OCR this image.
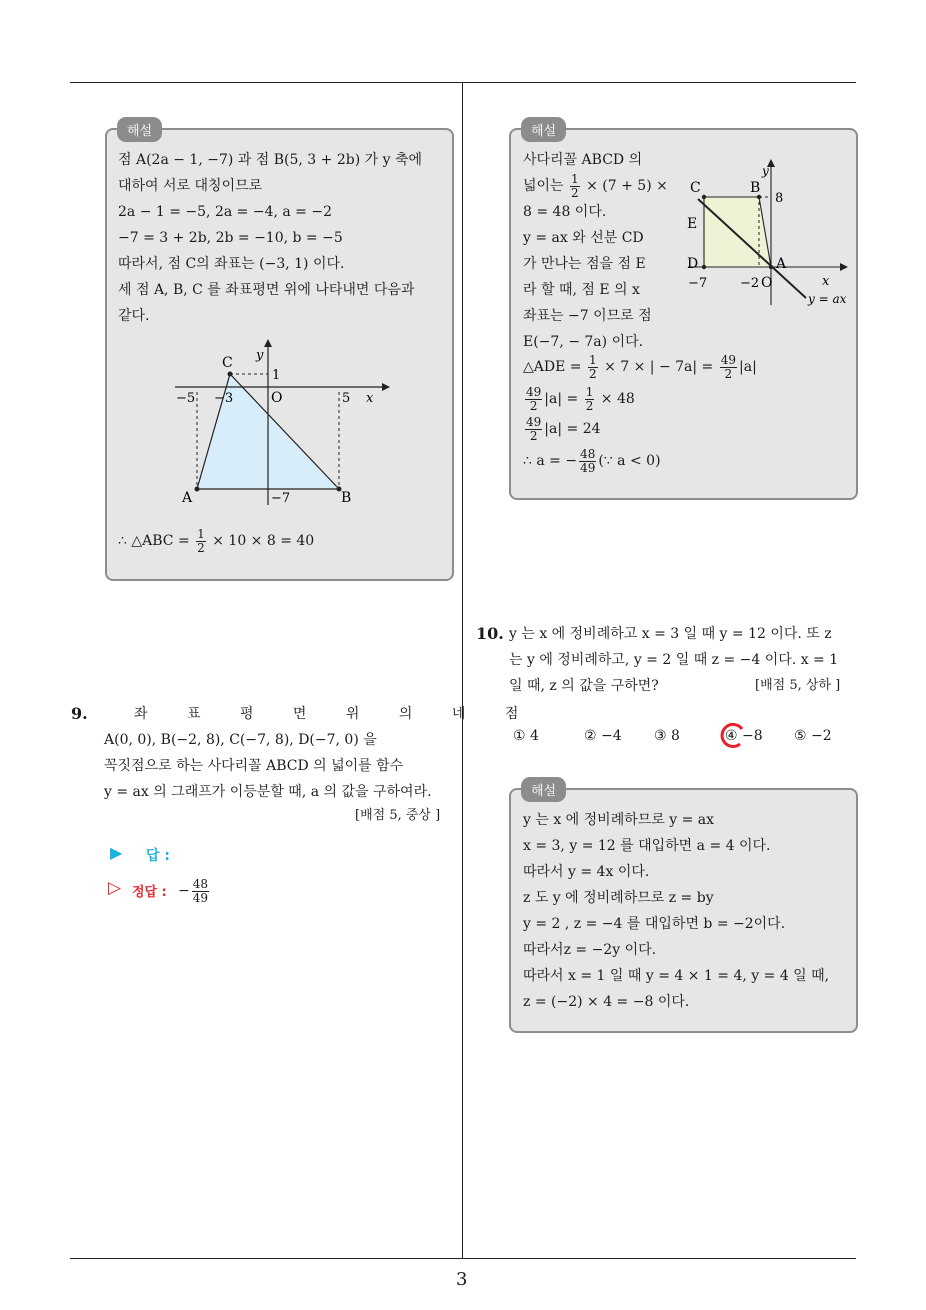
해설
점 A(2a − 1, −7) 과 점 B(5, 3 + 2b) 가 y 축에
대하여 서로 대칭이므로
2a − 1 = −5, 2a = −4, a = −2
−7 = 3 + 2b, 2b = −10, b = −5
따라서, 점 C의 좌표는 (−3, 1) 이다.
세 점 A, B, C 를 좌표평면 위에 나타내면 다음과
같다.
C y
1
−5 −3	O	5 x
A	−7	B
∴ △ABC = $\frac{1}{2} \times 10 \times 8 = 40$
9.	좌 표 평 면 위 의 네 점
A(0, 0), B(−2, 8), C(−7, 8), D(−7, 0) 을
꼭짓점으로 하는 사다리꼴 ABCD 의 넓이를 함수
y = ax 의 그래프가 이등분할 때, a 의 값을 구하여라.
[배점 5, 중상 ]
▶ 답 :
▷ 정답 : − $\frac{48}{49}$
해설
사다리꼴 ABCD 의
넓이는 $\frac{1}{2} \times (7 + 5)$ ×
8 = 48 이다.
y = ax 와 선분 CD
가 만나는 점을 점 E
라 할 때, 점 E 의 x
좌표는 −7 이므로 점
E(−7, − 7a) 이다.
△ADE = $\frac{1}{2} \times 7$ × | − $7a| = \frac{49}{2} |a|$
$\frac{49}{2} |a| = \frac{1}{2} \times 48$
$\frac{49}{2} |a| = 24$
∴ a = − $\frac{48}{49}$ (∵ a < 0)
y
C	B
8
E
D	A
−7	−2 O	x
y = ax
10. y 는 x 에 정비례하고 x = 3 일 때 y = 12 이다. 또 z
는 y 에 정비례하고, y = 2 일 때 z = −4 이다. x = 1
일 때, z 의 값을 구하면?	[배점 5, 상하 ]
① 4	② −4 ③ 8	④ −8 ⑤ −2
해설
y 는 x 에 정비례하므로 y = ax
x = 3, y = 12 를 대입하면 a = 4 이다.
따라서 y = 4x 이다.
z 도 y 에 정비례하므로 z = by
y = 2 , z = −4 를 대입하면 b = −2이다.
따라서z = −2y 이다.
따라서 x = 1 일 때 y = 4 × 1 = 4, y = 4 일 때,
z = (−2) × 4 = −8 이다.
3
